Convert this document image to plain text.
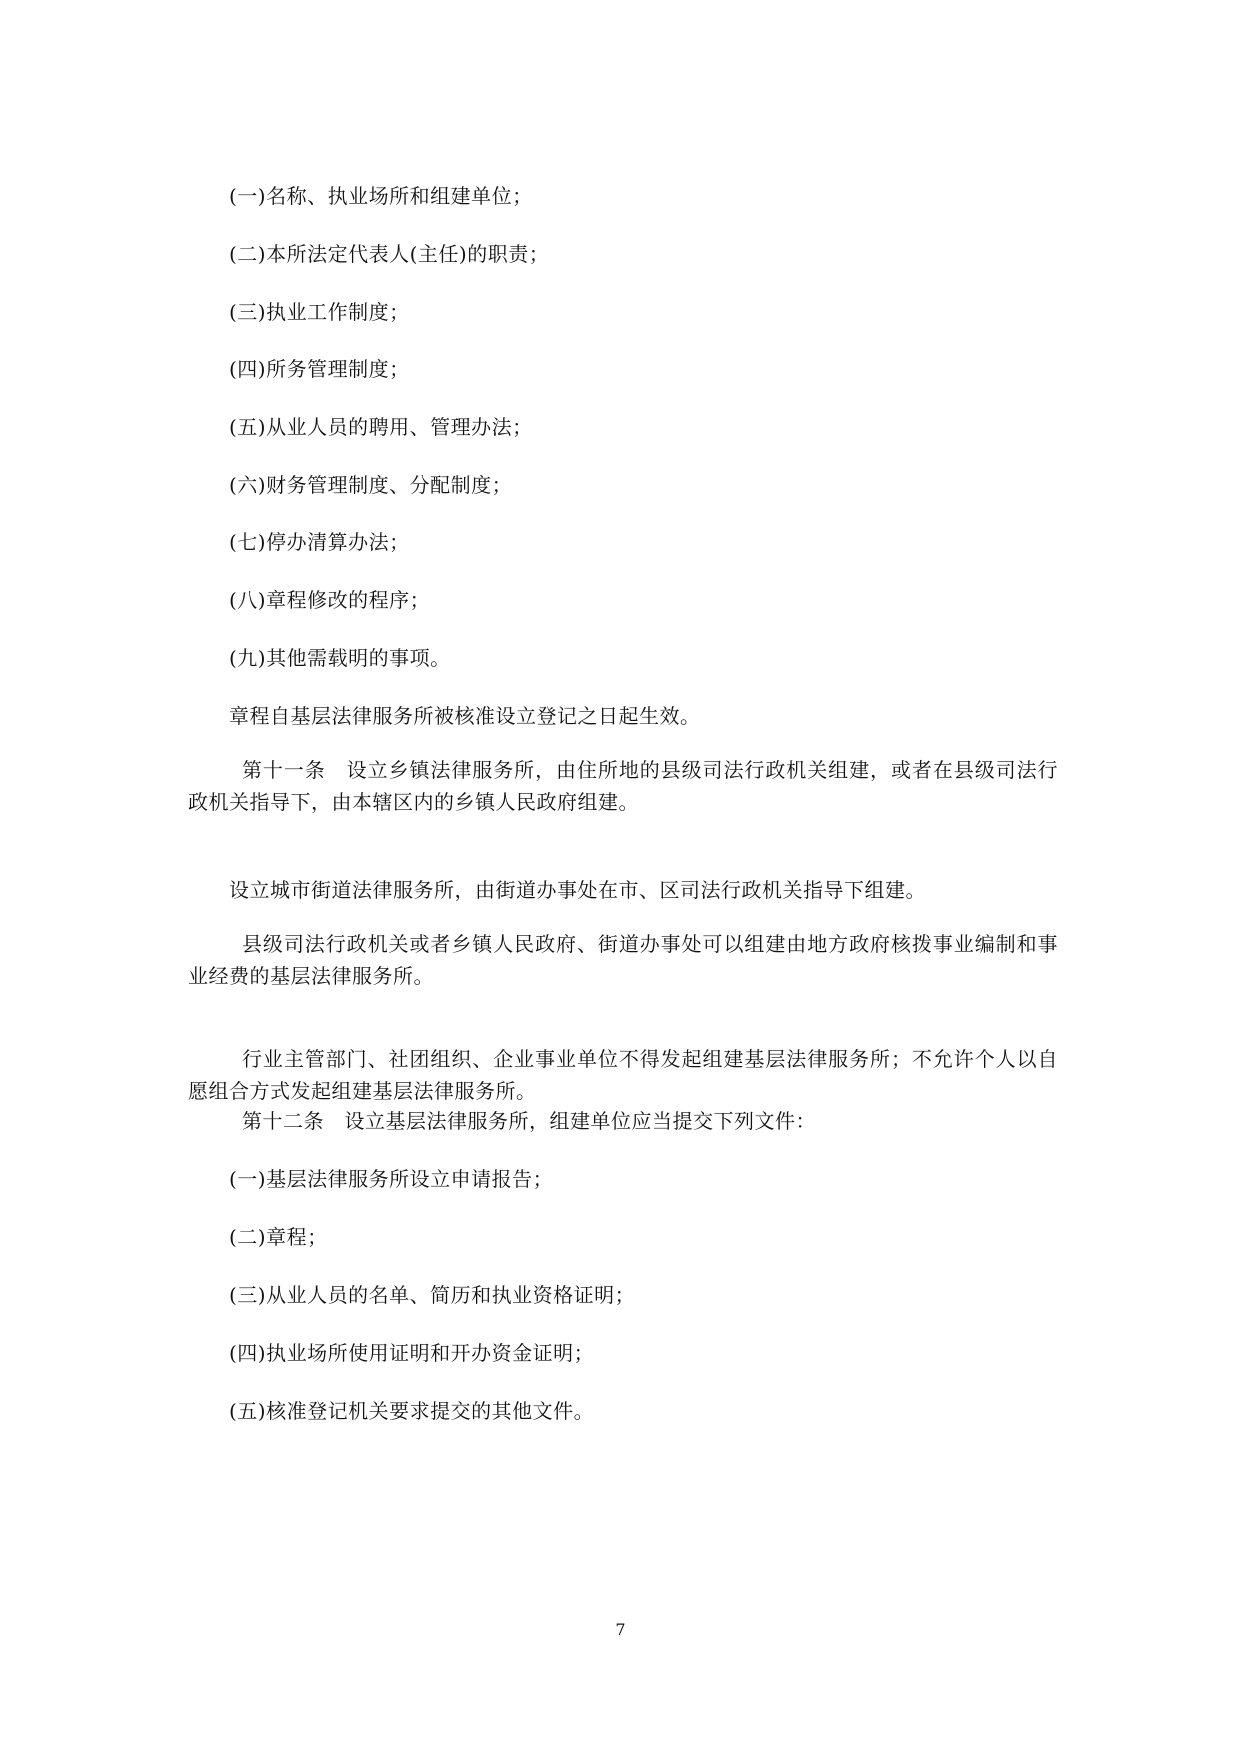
(一)名称、执业场所和组建单位；
(二)本所法定代表人(主任)的职责；
(三)执业工作制度；
(四)所务管理制度；
(五)从业人员的聘用、管理办法；
(六)财务管理制度、分配制度；
(七)停办清算办法；
(八)章程修改的程序；
(九)其他需载明的事项。
章程自基层法律服务所被核准设立登记之日起生效。
第十一条　设立乡镇法律服务所，由住所地的县级司法行政机关组建，或者在县级司法行政机关指导下，由本辖区内的乡镇人民政府组建。
设立城市街道法律服务所，由街道办事处在市、区司法行政机关指导下组建。
县级司法行政机关或者乡镇人民政府、街道办事处可以组建由地方政府核拨事业编制和事业经费的基层法律服务所。
行业主管部门、社团组织、企业事业单位不得发起组建基层法律服务所；不允许个人以自愿组合方式发起组建基层法律服务所。
第十二条　设立基层法律服务所，组建单位应当提交下列文件：
(一)基层法律服务所设立申请报告；
(二)章程；
(三)从业人员的名单、简历和执业资格证明；
(四)执业场所使用证明和开办资金证明；
(五)核准登记机关要求提交的其他文件。
7
